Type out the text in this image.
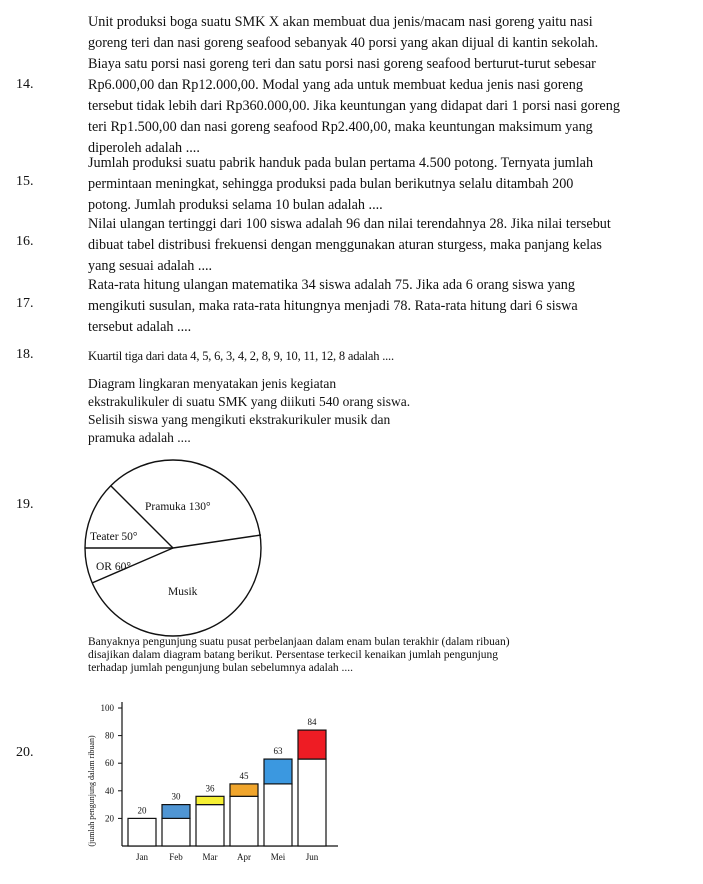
14.

Unit produksi boga suatu SMK X akan membuat dua jenis/macam nasi goreng yaitu nasi

goreng teri dan nasi goreng seafood sebanyak 40 porsi yang akan dijual di kantin sekolah.

Biaya satu porsi nasi goreng teri dan satu porsi nasi goreng seafood berturut-turut sebesar

Rp6.000,00 dan Rp12.000,00. Modal yang ada untuk membuat kedua jenis nasi goreng

tersebut tidak lebih dari Rp360.000,00. Jika keuntungan yang didapat dari 1 porsi nasi goreng

teri Rp1.500,00 dan nasi goreng seafood Rp2.400,00, maka keuntungan maksimum yang

diperoleh adalah ....

15.

Jumlah produksi suatu pabrik handuk pada bulan pertama 4.500 potong. Ternyata jumlah

permintaan meningkat, sehingga produksi pada bulan berikutnya selalu ditambah 200

potong. Jumlah produksi selama 10 bulan adalah ....

16.

Nilai ulangan tertinggi dari 100 siswa adalah 96 dan nilai terendahnya 28. Jika nilai tersebut

dibuat tabel distribusi frekuensi dengan menggunakan aturan sturgess, maka panjang kelas

yang sesuai adalah ....

17.

Rata-rata hitung ulangan matematika 34 siswa adalah 75. Jika ada 6 orang siswa yang

mengikuti susulan, maka rata-rata hitungnya menjadi 78. Rata-rata hitung dari 6 siswa

tersebut adalah ....

18.	Kuartil tiga dari data 4, 5, 6, 3, 4, 2, 8, 9, 10, 11, 12, 8 adalah ....

19.

Diagram lingkaran menyatakan jenis kegiatan

ekstrakulikuler di suatu SMK yang diikuti 540 orang siswa.

Selisih siswa yang mengikuti ekstrakurikuler musik dan

pramuka adalah ....

Pramuka 130°
Teater 50°
OR 60°
Musik
20.

Banyaknya pengunjung suatu pusat perbelanjaan dalam enam bulan terakhir (dalam ribuan)

disajikan dalam diagram batang berikut. Persentase terkecil kenaikan jumlah pengunjung

terhadap jumlah pengunjung bulan sebelumnya adalah ....

20
40
60
80
100
(jumlah pengunjung dalam ribuan)	20
Jan
30
Feb
36
Mar
45
Apr
63
Mei
84
Jun
